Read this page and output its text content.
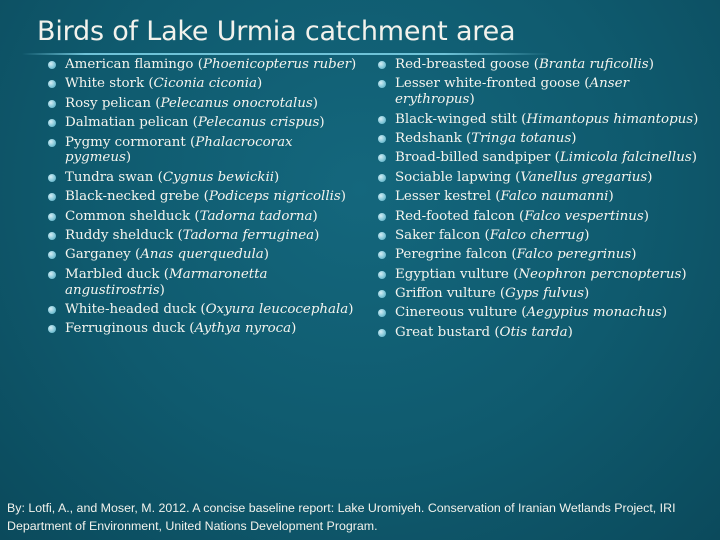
Birds of Lake Urmia catchment area
American flamingo (Phoenicopterus ruber)
White stork (Ciconia ciconia)
Rosy pelican (Pelecanus onocrotalus)
Dalmatian pelican (Pelecanus crispus)
Pygmy cormorant (Phalacrocorax pygmeus)
Tundra swan (Cygnus bewickii)
Black-necked grebe (Podiceps nigricollis)
Common shelduck (Tadorna tadorna)
Ruddy shelduck (Tadorna ferruginea)
Garganey (Anas querquedula)
Marbled duck (Marmaronetta angustirostris)
White-headed duck (Oxyura leucocephala)
Ferruginous duck (Aythya nyroca)
Red-breasted goose (Branta ruficollis)
Lesser white-fronted goose (Anser erythropus)
Black-winged stilt (Himantopus himantopus)
Redshank (Tringa totanus)
Broad-billed sandpiper (Limicola falcinellus)
Sociable lapwing (Vanellus gregarius)
Lesser kestrel (Falco naumanni)
Red-footed falcon (Falco vespertinus)
Saker falcon (Falco cherrug)
Peregrine falcon (Falco peregrinus)
Egyptian vulture (Neophron percnopterus)
Griffon vulture (Gyps fulvus)
Cinereous vulture (Aegypius monachus)
Great bustard (Otis tarda)
By: Lotfi, A., and Moser, M. 2012. A concise baseline report: Lake Uromiyeh. Conservation of Iranian Wetlands Project, IRI Department of Environment, United Nations Development Program.
